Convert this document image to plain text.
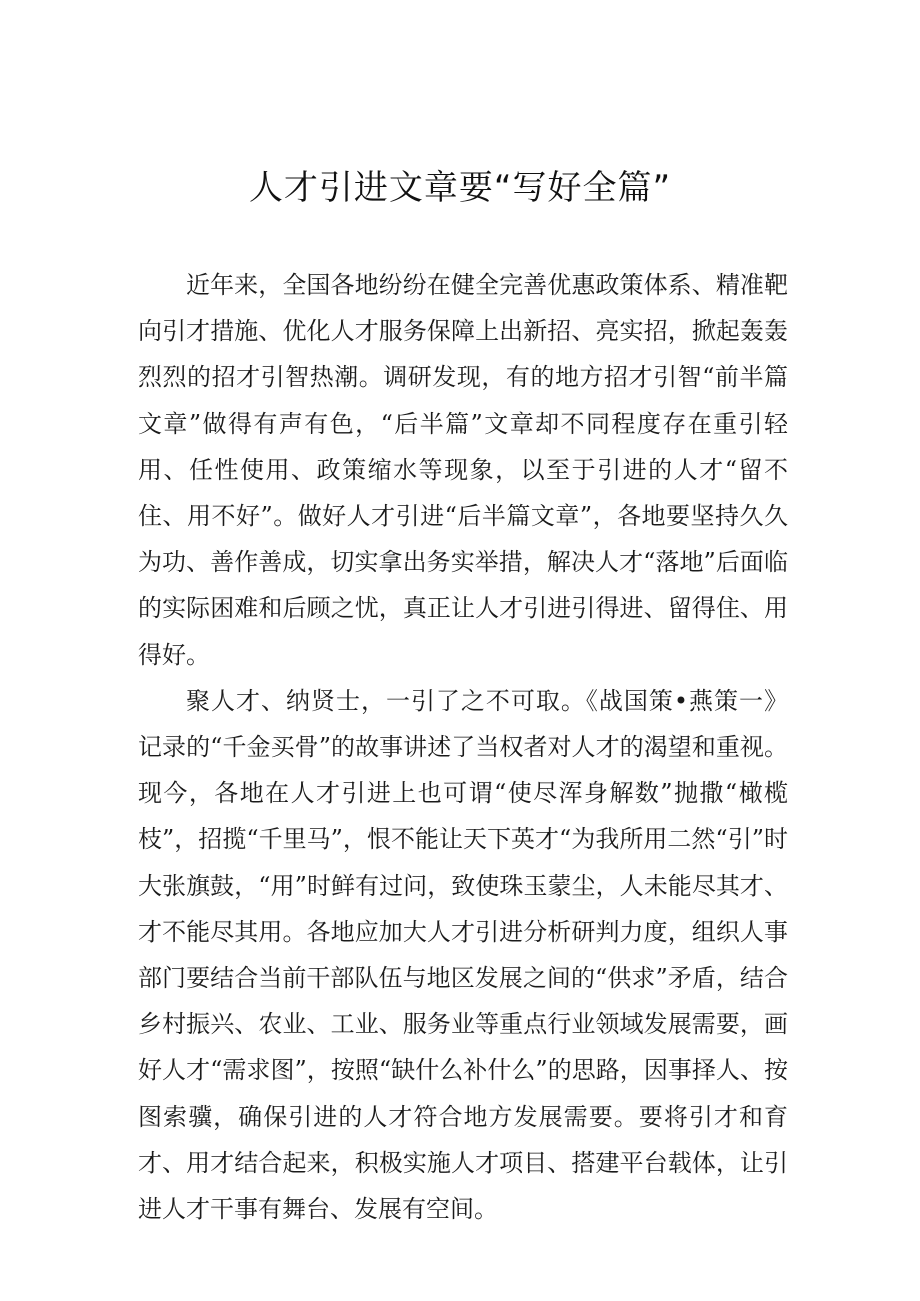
人才引进文章要“写好全篇”

近年来，全国各地纷纷在健全完善优惠政策体系、精准靶向引才措施、优化人才服务保障上出新招、亮实招，掀起轰轰烈烈的招才引智热潮。调研发现，有的地方招才引智“前半篇文章”做得有声有色，“后半篇”文章却不同程度存在重引轻用、任性使用、政策缩水等现象，以至于引进的人才“留不住、用不好”。做好人才引进“后半篇文章”，各地要坚持久久为功、善作善成，切实拿出务实举措，解决人才“落地”后面临的实际困难和后顾之忧，真正让人才引进引得进、留得住、用得好。

聚人才、纳贤士，一引了之不可取。《战国策•燕策一》记录的“千金买骨”的故事讲述了当权者对人才的渴望和重视。现今，各地在人才引进上也可谓“使尽浑身解数”抛撒“橄榄枝”，招揽“千里马”，恨不能让天下英才“为我所用二然“引”时大张旗鼓，“用”时鲜有过问，致使珠玉蒙尘，人未能尽其才、才不能尽其用。各地应加大人才引进分析研判力度，组织人事部门要结合当前干部队伍与地区发展之间的“供求”矛盾，结合乡村振兴、农业、工业、服务业等重点行业领域发展需要，画好人才“需求图”，按照“缺什么补什么”的思路，因事择人、按图索骥，确保引进的人才符合地方发展需要。要将引才和育才、用才结合起来，积极实施人才项目、搭建平台载体，让引进人才干事有舞台、发展有空间。
